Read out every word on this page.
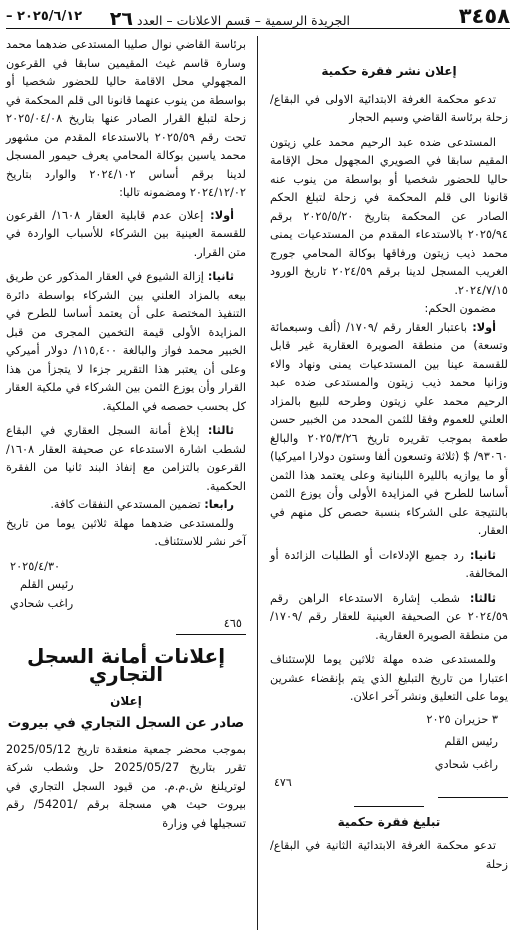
٣٤٥٨
الجريدة الرسمية – قسم الاعلانات – العدد٢٦
٢٠٢٥/٦/١٢ –

إعلان نشر فقرة حكمية

تدعو محكمة الغرفة الابتدائية الاولى في البقاع/ زحلة برئاسة القاضي وسيم الحجار

المستدعى ضده عبد الرحيم محمد علي زيتون المقيم سابقا في الصويري المجهول محل الإقامة حاليا للحضور شخصيا أو بواسطة من ينوب عنه قانونا الى قلم المحكمة في زحلة لتبلغ الحكم الصادر عن المحكمة بتاريخ ٢٠٢٥/٥/٢٠ برقم ٢٠٢٥/٩٤ بالاستدعاء المقدم من المستدعيات يمنى محمد ذيب زيتون ورفاقها بوكالة المحامي جورج الغريب المسجل لدينا برقم ٢٠٢٤/٥٩ تاريخ الورود ٢٠٢٤/٧/١٥.

مضمون الحكم:

أولا: باعتبار العقار رقم /١٧٠٩/ (ألف وسبعمائة وتسعة) من منطقة الصويرة العقارية غير قابل للقسمة عينا بين المستدعيات يمنى ونهاد والاء وزانيا محمد ذيب زيتون والمستدعى ضده عبد الرحيم محمد علي زيتون وطرحه للبيع بالمزاد العلني للعموم وفقا للثمن المحدد من الخبير حسن طعمة بموجب تقريره تاريخ ٢٠٢٥/٣/٢٦ والبالغ ٩٣٠٦٠/ $ (ثلاثة وتسعون ألفا وستون دولارا اميركيا) أو ما يوازيه بالليرة اللبنانية وعلى يعتمد هذا الثمن أساسا للطرح في المزايدة الأولى وأن يوزع الثمن بالنتيجة على الشركاء بنسبة حصص كل منهم في العقار.

ثانيا: رد جميع الإدلاءات أو الطلبات الزائدة أو المخالفة.

ثالثا: شطب إشارة الاستدعاء الراهن رقم ٢٠٢٤/٥٩ عن الصحيفة العينية للعقار رقم /١٧٠٩/ من منطقة الصويرة العقارية.

وللمستدعى ضده مهلة ثلاثين يوما للإستئناف اعتبارا من تاريخ التبليغ الذي يتم بإنقضاء عشرين يوما على التعليق ونشر آخر اعلان.

٣ حزيران ٢٠٢٥

رئيس القلم

راغب شحادي

٤٧٦

تبليغ فقرة حكمية

تدعو محكمة الغرفة الابتدائية الثانية في البقاع/ زحلة

برئاسة القاضي نوال صليبا المستدعى ضدهما محمد وسارة قاسم غيث المقيمين سابقا في القرعون المجهولي محل الاقامة حاليا للحضور شخصيا أو بواسطة من ينوب عنهما قانونا الى قلم المحكمة في زحلة لتبلغ القرار الصادر عنها بتاريخ ٢٠٢٥/٠٤/٠٨ تحت رقم ٢٠٢٥/٥٩ بالاستدعاء المقدم من مشهور محمد ياسين بوكالة المحامي يعرف حيمور المسجل لدينا برقم أساس ٢٠٢٤/١٠٢ والوارد بتاريخ ٢٠٢٤/١٢/٠٢ ومضمونه تاليا:

أولا: إعلان عدم قابلية العقار ١٦٠٨/ القرعون للقسمة العينية بين الشركاء للأسباب الواردة في متن القرار.

ثانيا: إزالة الشيوع في العقار المذكور عن طريق بيعه بالمزاد العلني بين الشركاء بواسطة دائرة التنفيذ المختصة على أن يعتمد أساسا للطرح في المزايدة الأولى قيمة التخمين المجرى من قبل الخبير محمد فواز والبالغة ١١٥,٤٠٠/ دولار أميركي وعلى أن يعتبر هذا التقرير جزءا لا يتجزأ من هذا القرار وأن يوزع الثمن بين الشركاء في ملكية العقار كل بحسب حصصه في الملكية.

ثالثا: إبلاغ أمانة السجل العقاري في البقاع لشطب اشارة الاستدعاء عن صحيفة العقار ١٦٠٨/ القرعون بالتزامن مع إنفاذ البند ثانيا من الفقرة الحكمية.

رابعا: تضمين المستدعي النفقات كافة.

وللمستدعى ضدهما مهلة ثلاثين يوما من تاريخ آخر نشر للاستئناف.

٢٠٢٥/٤/٣٠

رئيس القلم

راغب شحادي

٤٦٥

إعلانات أمانة السجل التجاري

إعلان

صادر عن السجل التجاري في بيروت

بموجب محضر جمعية منعقدة تاريخ 2025/05/12 تقرر بتاريخ 2025/05/27 حل وشطب شركة لوتريلنغ ش.م.م. من قيود السجل التجاري في بيروت حيث هي مسجلة برقم /54201/ رقم تسجيلها في وزارة
